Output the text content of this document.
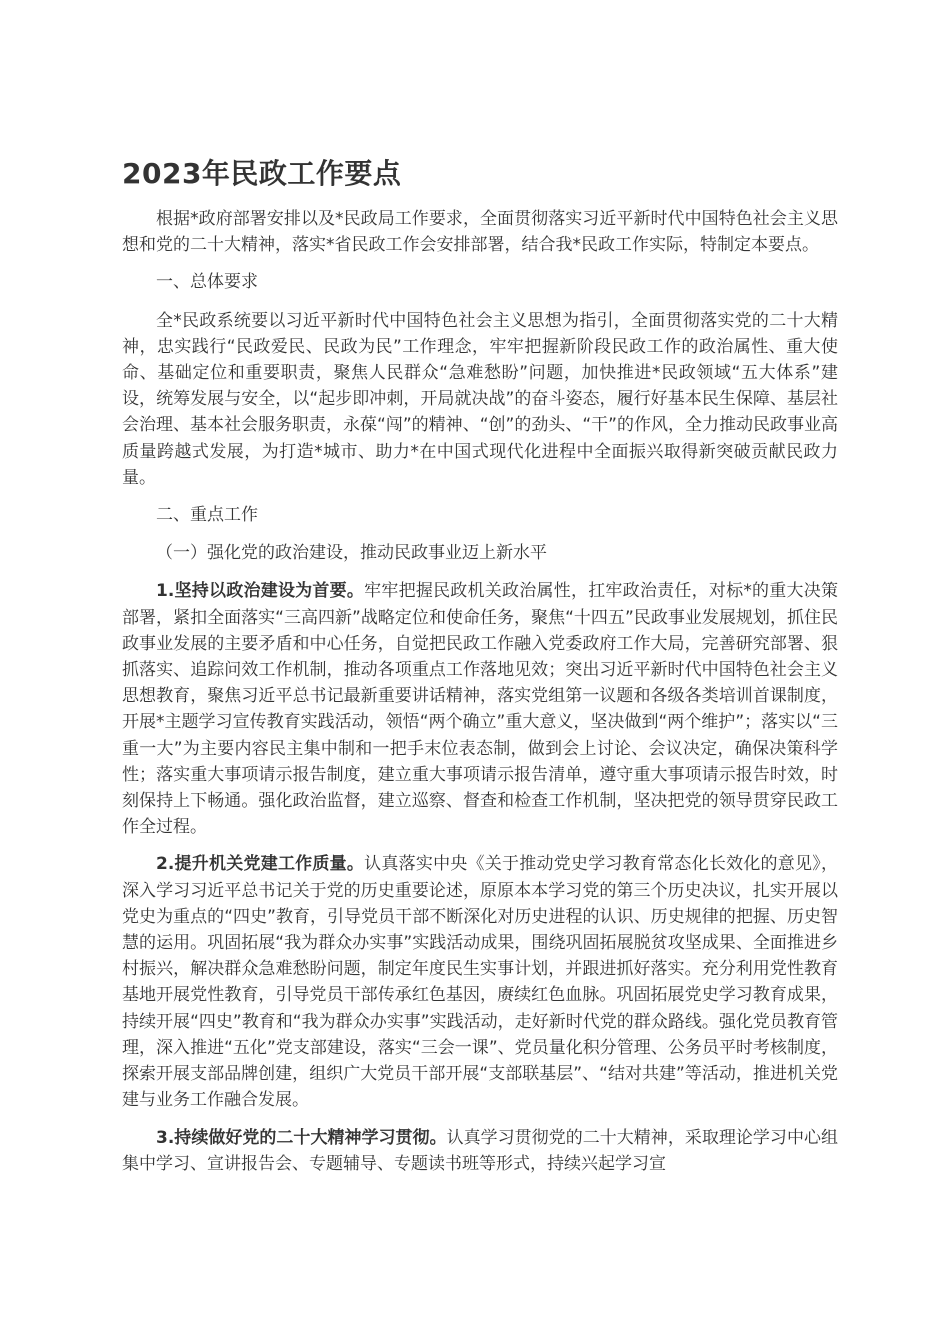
2023年民政工作要点

根据*政府部署安排以及*民政局工作要求，全面贯彻落实习近平新时代中国特色社会主义思想和党的二十大精神，落实*省民政工作会安排部署，结合我*民政工作实际，特制定本要点。

一、总体要求

全*民政系统要以习近平新时代中国特色社会主义思想为指引，全面贯彻落实党的二十大精神，忠实践行“民政爱民、民政为民”工作理念，牢牢把握新阶段民政工作的政治属性、重大使命、基础定位和重要职责，聚焦人民群众“急难愁盼”问题，加快推进*民政领域“五大体系”建设，统筹发展与安全，以“起步即冲刺，开局就决战”的奋斗姿态，履行好基本民生保障、基层社会治理、基本社会服务职责，永葆“闯”的精神、“创”的劲头、“干”的作风，全力推动民政事业高质量跨越式发展，为打造*城市、助力*在中国式现代化进程中全面振兴取得新突破贡献民政力量。

二、重点工作

（一）强化党的政治建设，推动民政事业迈上新水平

1.坚持以政治建设为首要。牢牢把握民政机关政治属性，扛牢政治责任，对标*的重大决策部署，紧扣全面落实“三高四新”战略定位和使命任务，聚焦“十四五”民政事业发展规划，抓住民政事业发展的主要矛盾和中心任务，自觉把民政工作融入党委政府工作大局，完善研究部署、狠抓落实、追踪问效工作机制，推动各项重点工作落地见效；突出习近平新时代中国特色社会主义思想教育，聚焦习近平总书记最新重要讲话精神，落实党组第一议题和各级各类培训首课制度，开展*主题学习宣传教育实践活动，领悟“两个确立”重大意义，坚决做到“两个维护”；落实以“三重一大”为主要内容民主集中制和一把手末位表态制，做到会上讨论、会议决定，确保决策科学性；落实重大事项请示报告制度，建立重大事项请示报告清单，遵守重大事项请示报告时效，时刻保持上下畅通。强化政治监督，建立巡察、督查和检查工作机制，坚决把党的领导贯穿民政工作全过程。

2.提升机关党建工作质量。认真落实中央《关于推动党史学习教育常态化长效化的意见》，深入学习习近平总书记关于党的历史重要论述，原原本本学习党的第三个历史决议，扎实开展以党史为重点的“四史”教育，引导党员干部不断深化对历史进程的认识、历史规律的把握、历史智慧的运用。巩固拓展“我为群众办实事”实践活动成果，围绕巩固拓展脱贫攻坚成果、全面推进乡村振兴，解决群众急难愁盼问题，制定年度民生实事计划，并跟进抓好落实。充分利用党性教育基地开展党性教育，引导党员干部传承红色基因，赓续红色血脉。巩固拓展党史学习教育成果，持续开展“四史”教育和“我为群众办实事”实践活动，走好新时代党的群众路线。强化党员教育管理，深入推进“五化”党支部建设，落实“三会一课”、党员量化积分管理、公务员平时考核制度，探索开展支部品牌创建，组织广大党员干部开展“支部联基层”、“结对共建”等活动，推进机关党建与业务工作融合发展。

3.持续做好党的二十大精神学习贯彻。认真学习贯彻党的二十大精神，采取理论学习中心组集中学习、宣讲报告会、专题辅导、专题读书班等形式，持续兴起学习宣
